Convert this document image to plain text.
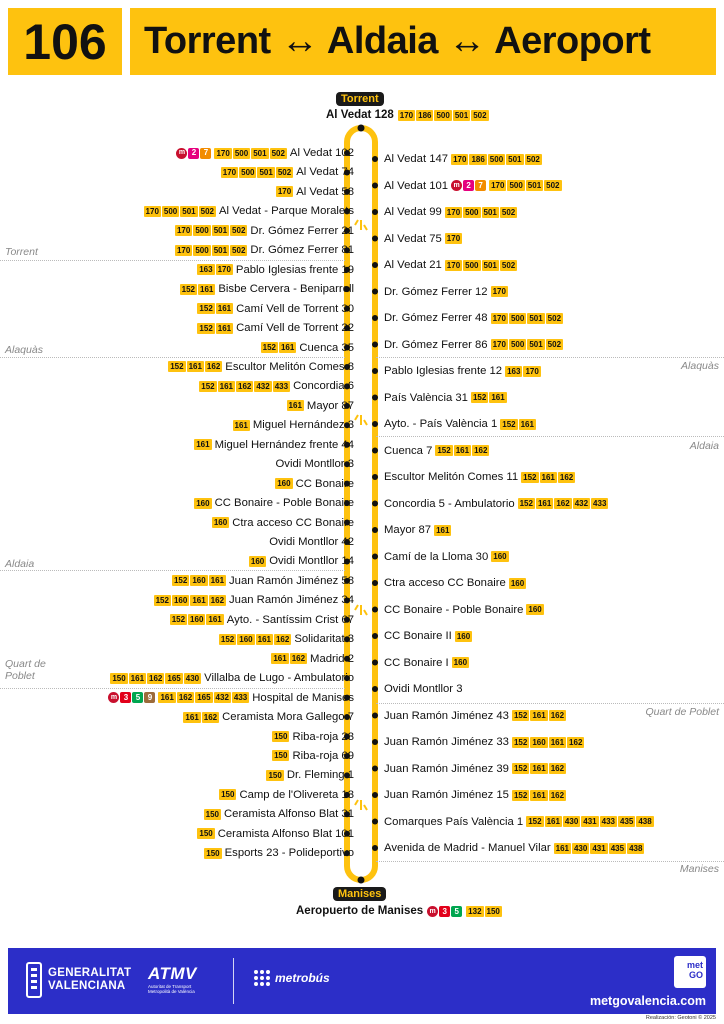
106 Torrent ↔ Aldaia ↔ Aeroport
m 2 7	170 500 501 502 Al Vedat 102
170 500 501 502 Al Vedat 74
170 Al Vedat 58
170 500 501 502 Al Vedat - Parque Moralets
170 500 501 502 Dr. Gómez Ferrer 21
170 500 501 502 Dr. Gómez Ferrer 81
163 170 Pablo Iglesias frente 19
152 161 Bisbe Cervera - Beniparrell
152 161 Camí Vell de Torrent 30
152 161 Camí Vell de Torrent 22
152 161 Cuenca 35
152 161 162 Escultor Melitón Comes 8
152 161 162 432 433 Concordia 6
161 Mayor 87
161 Miguel Hernández 3
161 Miguel Hernández frente 44
Ovidi Montllor 3
160 CC Bonaire
160 CC Bonaire - Poble Bonaire
160 Ctra acceso CC Bonaire
Ovidi Montllor 42
160 Ovidi Montllor 14
152 160 161 Juan Ramón Jiménez 58
152 160 161 162 Juan Ramón Jiménez 34
152 160 161 Ayto. - Santíssim Crist 67
152 160 161 162 Solidaritat 3
161 162 Madrid 2
150 161 162 165 430 Villalba de Lugo - Ambulatorio
m 3 5 9	161 162 165 432 433 Hospital de Manises
161 162 Ceramista Mora Gallego 7
150 Riba-roja 23
150 Riba-roja 69
150 Dr. Fleming 1
150 Camp de l'Olivereta 13
150 Ceramista Alfonso Blat 31
150 Ceramista Alfonso Blat 101
150 Esports 23 - Polideportivo
Al Vedat 147 170 186 500 501 502
Al Vedat 101 m 2 7	170 500 501 502
Al Vedat 99 170 500 501 502
Al Vedat 75 170
Al Vedat 21 170 500 501 502
Dr. Gómez Ferrer 12 170
Dr. Gómez Ferrer 48 170 500 501 502
Dr. Gómez Ferrer 86 170 500 501 502
Pablo Iglesias frente 12 163 170
País València 31 152 161
Ayto. - País València 1 152 161
Cuenca 7 152 161 162
Escultor Melitón Comes 11 152 161 162
Concordia 5 - Ambulatorio 152 161 162 432 433
Mayor 87 161
Camí de la Lloma 30 160
Ctra acceso CC Bonaire 160
CC Bonaire - Poble Bonaire 160
CC Bonaire II 160
CC Bonaire I 160
Ovidi Montllor 3
Juan Ramón Jiménez 43 152 161 162
Juan Ramón Jiménez 33 152 160 161 162
Juan Ramón Jiménez 39 152 161 162
Juan Ramón Jiménez 15 152 161 162
Comarques País València 1 152 161 430 431 433 435 438
Avenida de Madrid - Manuel Vilar 161 430 431 435 438
Torrent
Al Vedat 128 170 186 500 501 502
Manises
Aeropuerto de Manises m 3 5	132 150
Torrent
Alaquàs
Aldaia
Quart de
Poblet
Alaquàs
Aldaia
Quart de Poblet
Manises
GENERALITAT
VALENCIANA
ATMV
Autoritat de Transport Metropolità de València
metrobús
met
GO
metgovalencia.com
Realización: Geotoni © 2025
